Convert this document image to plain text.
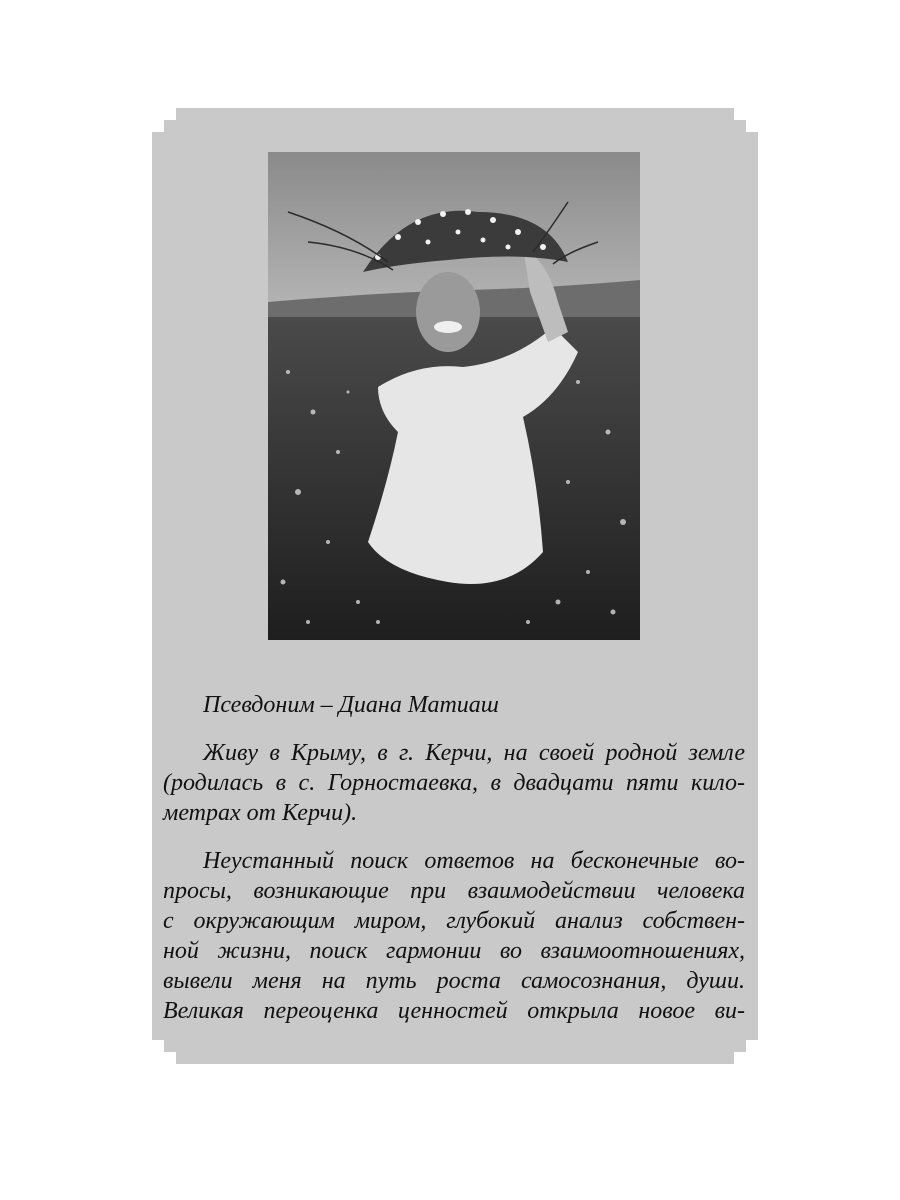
Псевдоним – Диана Матиаш

Живу в Крыму, в г. Керчи, на своей родной земле
(родилась в с. Горностаевка, в двадцати пяти кило-
метрах от Керчи).

Неустанный поиск ответов на бесконечные во-
просы, возникающие при взаимодействии человека
с окружающим миром, глубокий анализ собствен-
ной жизни, поиск гармонии во взаимоотношениях,
вывели меня на путь роста самосознания, души.
Великая переоценка ценностей открыла новое ви-
